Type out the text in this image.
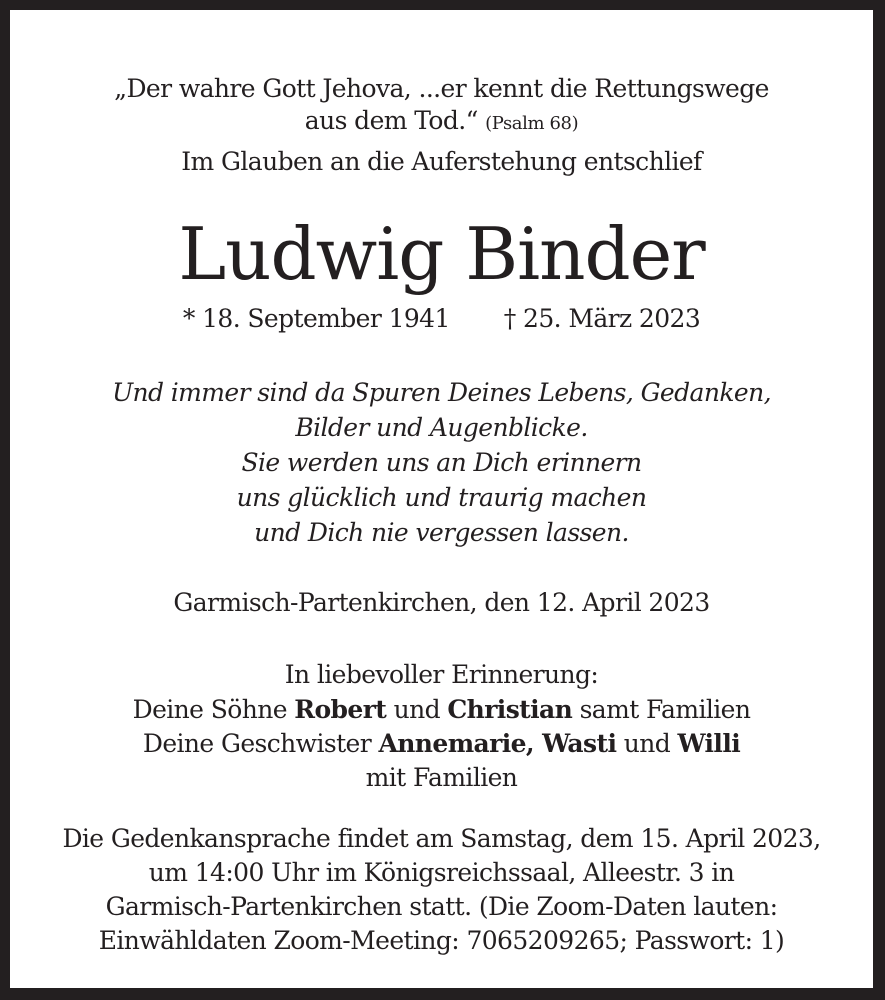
„Der wahre Gott Jehova, ...er kennt die Rettungswege
aus dem Tod.“ (Psalm 68)
Im Glauben an die Auferstehung entschlief
Ludwig Binder
* 18. September 1941 † 25. März 2023
Und immer sind da Spuren Deines Lebens, Gedanken,
Bilder und Augenblicke.
Sie werden uns an Dich erinnern
uns glücklich und traurig machen
und Dich nie vergessen lassen.
Garmisch-Partenkirchen, den 12. April 2023
In liebevoller Erinnerung:
Deine Söhne Robert und Christian samt Familien
Deine Geschwister Annemarie, Wasti und Willi
mit Familien
Die Gedenkansprache findet am Samstag, dem 15. April 2023,
um 14:00 Uhr im Königsreichssaal, Alleestr. 3 in
Garmisch-Partenkirchen statt. (Die Zoom-Daten lauten:
Einwähldaten Zoom-Meeting: 7065209265; Passwort: 1)
